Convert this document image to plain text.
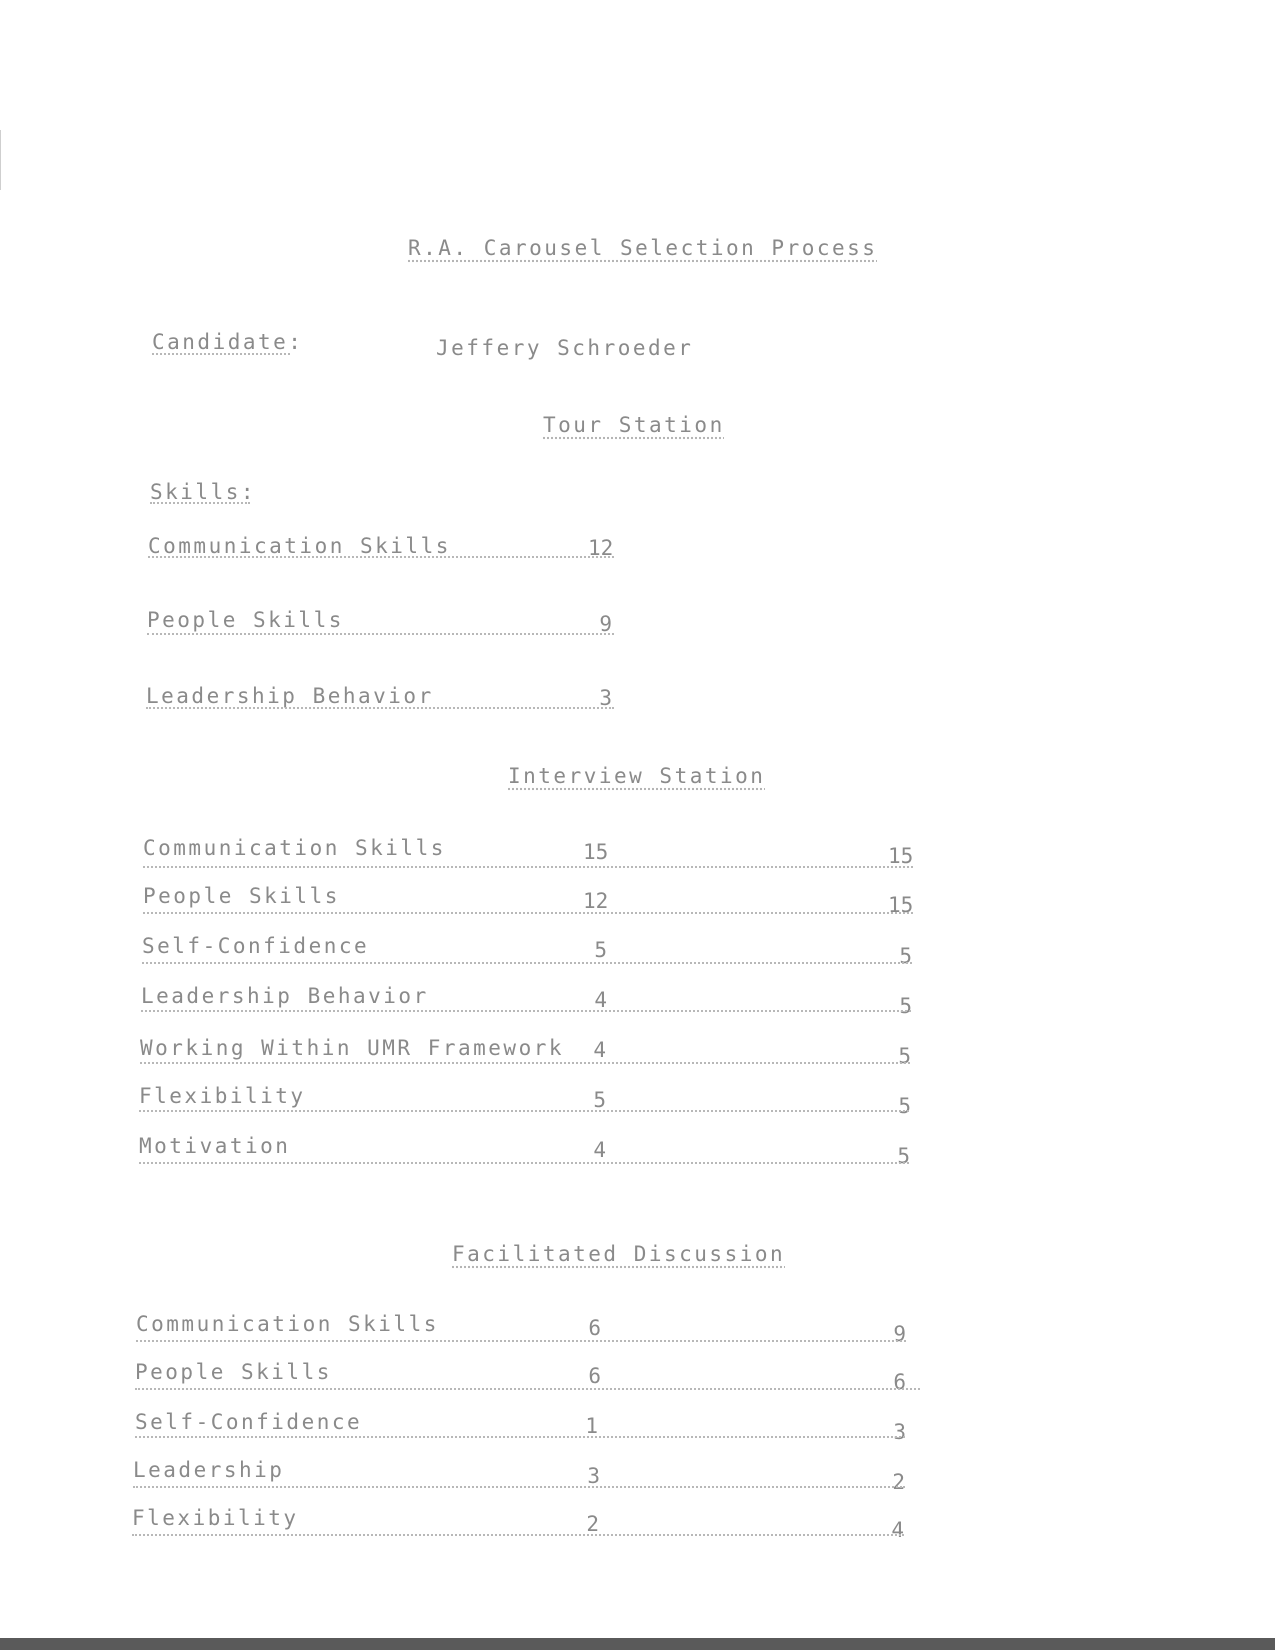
R.A. Carousel Selection Process
Candidate:	Jeffery Schroeder
Tour Station
Skills:
Communication Skills	12
People Skills	9
Leadership Behavior	3
Interview Station
Communication Skills	15	15
People Skills	12	15
Self-Confidence	5	5
Leadership Behavior	4	5
Working Within UMR Framework	4	5
Flexibility	5	5
Motivation	4	5
Facilitated Discussion
Communication Skills	6	9
People Skills	6	6
Self-Confidence	1	3
Leadership	3	2
Flexibility	2	4
